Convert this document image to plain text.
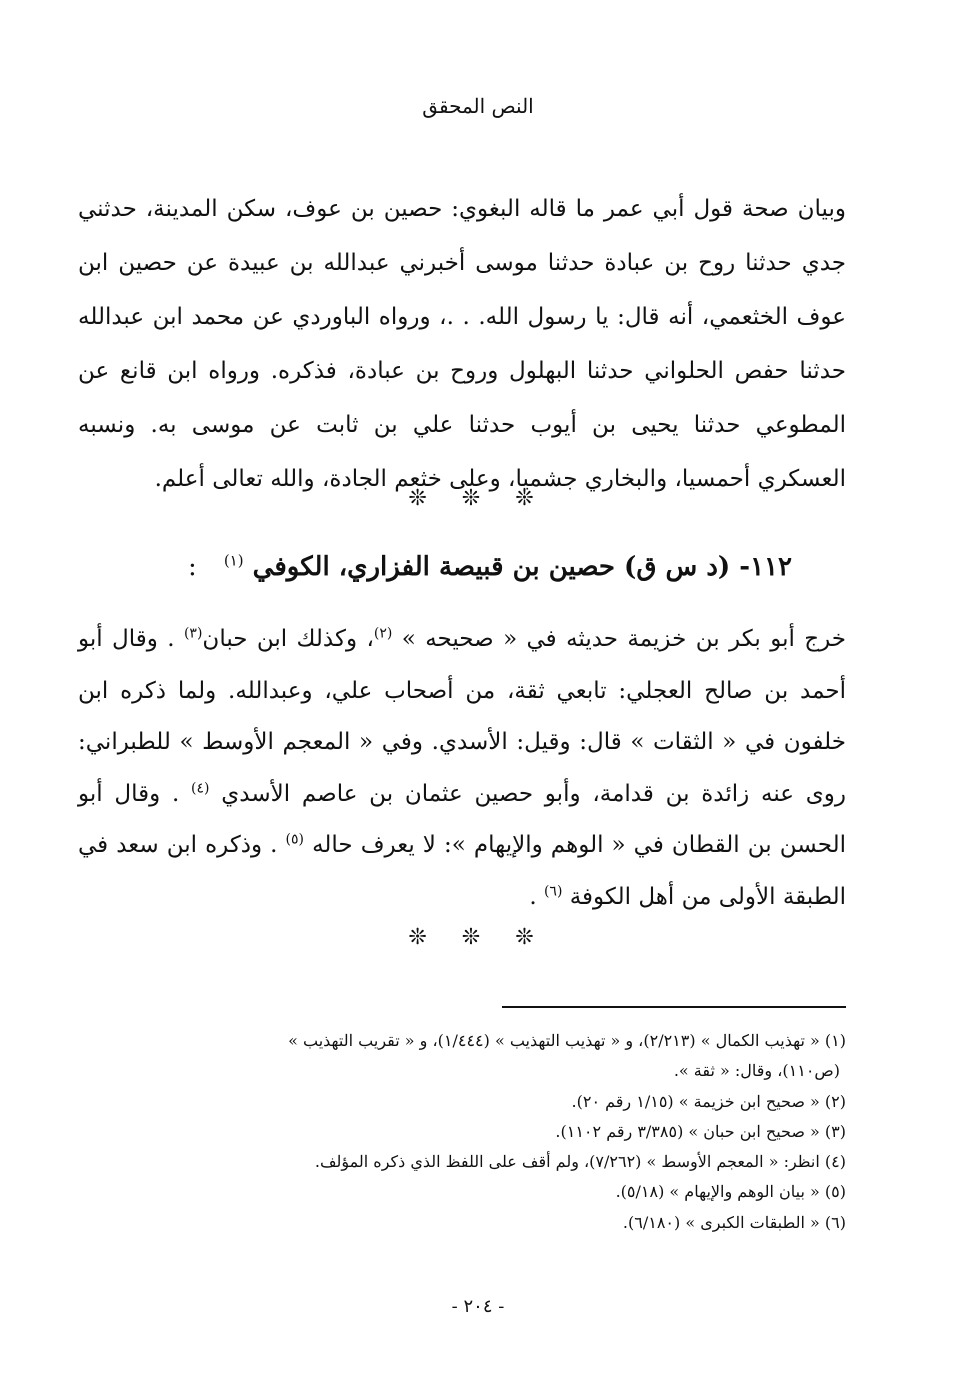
النص المحقق

وبيان صحة قول أبي عمر ما قاله البغوي: حصين بن عوف، سكن المدينة، حدثني جدي حدثنا روح بن عبادة حدثنا موسى أخبرني عبدالله بن عبيدة عن حصين ابن عوف الخثعمي، أنه قال: يا رسول الله. . .، ورواه الباوردي عن محمد ابن عبدالله حدثنا حفص الحلواني حدثنا البهلول وروح بن عبادة، فذكره. ورواه ابن قانع عن المطوعي حدثنا يحيى بن أيوب حدثنا علي بن ثابت عن موسى به. ونسبه العسكري أحمسيا، والبخاري جشميا، وعلى خثعم الجادة، والله تعالى أعلم.

❊ ❊ ❊
١١٢- (د س ق) حصين بن قبيصة الفزاري، الكوفي $^{(١)}$ :

خرج أبو بكر بن خزيمة حديثه في « صحيحه » $^{(٢)}$، وكذلك ابن حبان$^{(٣)}$ . وقال أبو أحمد بن صالح العجلي: تابعي ثقة، من أصحاب علي، وعبدالله. ولما ذكره ابن خلفون في « الثقات » قال: وقيل: الأسدي. وفي « المعجم الأوسط » للطبراني: روى عنه زائدة بن قدامة، وأبو حصين عثمان بن عاصم الأسدي $^{(٤)}$ . وقال أبو الحسن بن القطان في « الوهم والإيهام »: لا يعرف حاله $^{(٥)}$ . وذكره ابن سعد في الطبقة الأولى من أهل الكوفة $^{(٦)}$ .

❊ ❊ ❊
(١) « تهذيب الكمال » (٢/٢١٣)، و « تهذيب التهذيب » (١/٤٤٤)، و « تقريب التهذيب »
(ص١١٠)، وقال: « ثقة ».
(٢) « صحيح ابن خزيمة » (١/١٥ رقم ٢٠).
(٣) « صحيح ابن حبان » (٣/٣٨٥ رقم ١١٠٢).
(٤) انظر: « المعجم الأوسط » (٧/٢٦٢)، ولم أقف على اللفظ الذي ذكره المؤلف.
(٥) « بيان الوهم والإيهام » (٥/١٨).
(٦) « الطبقات الكبرى » (٦/١٨٠).
- ٢٠٤ -
